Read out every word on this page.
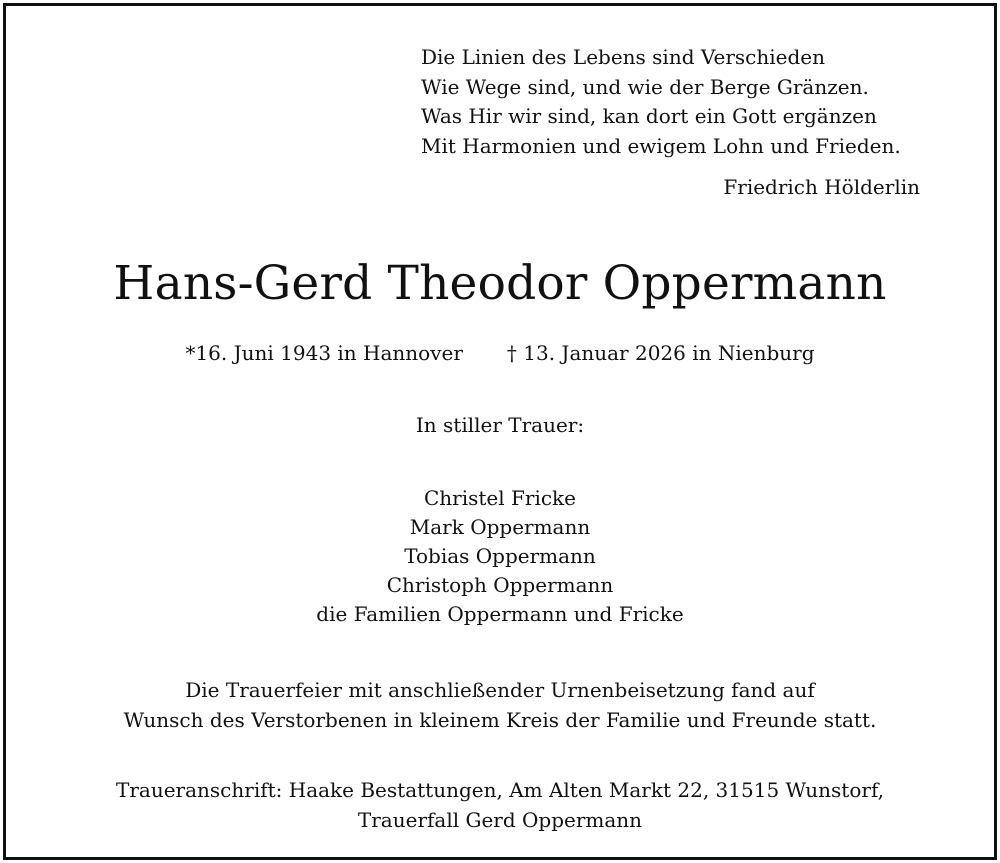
Die Linien des Lebens sind Verschieden
Wie Wege sind, und wie der Berge Gränzen.
Was Hir wir sind, kan dort ein Gott ergänzen
Mit Harmonien und ewigem Lohn und Frieden.
Friedrich Hölderlin
Hans-Gerd Theodor Oppermann
*16. Juni 1943 in Hannover † 13. Januar 2026 in Nienburg
In stiller Trauer:
Christel Fricke
Mark Oppermann
Tobias Oppermann
Christoph Oppermann
die Familien Oppermann und Fricke
Die Trauerfeier mit anschließender Urnenbeisetzung fand auf
Wunsch des Verstorbenen in kleinem Kreis der Familie und Freunde statt.
Traueranschrift: Haake Bestattungen, Am Alten Markt 22, 31515 Wunstorf,
Trauerfall Gerd Oppermann
